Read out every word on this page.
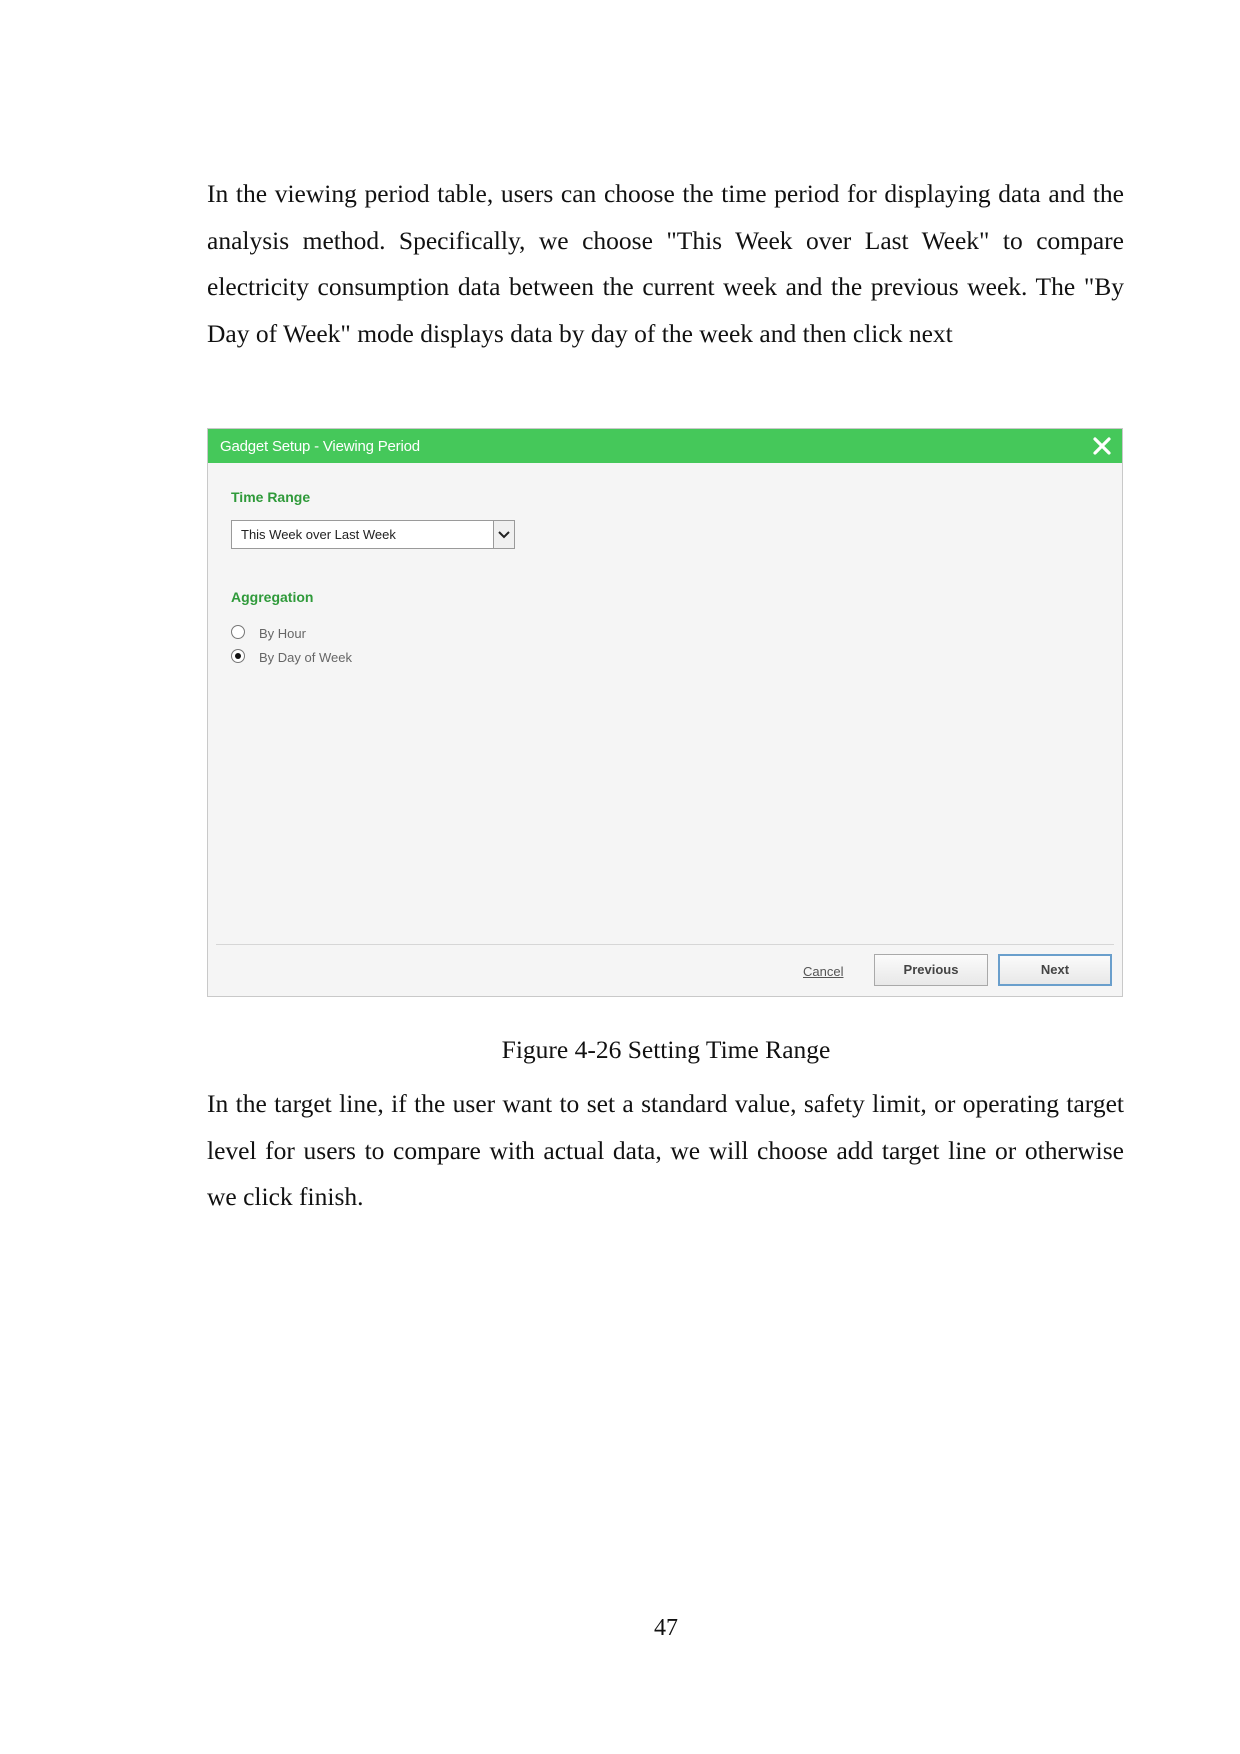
In the viewing period table, users can choose the time period for displaying data and the analysis method. Specifically, we choose "This Week over Last Week" to compare electricity consumption data between the current week and the previous week. The "By Day of Week" mode displays data by day of the week and then click next

Gadget Setup - Viewing Period
Time Range
This Week over Last Week
Aggregation
By Hour
By Day of Week
Cancel	Previous	Next

Figure 4-26 Setting Time Range

In the target line, if the user want to set a standard value, safety limit, or operating target level for users to compare with actual data, we will choose add target line or otherwise we click finish.

47
